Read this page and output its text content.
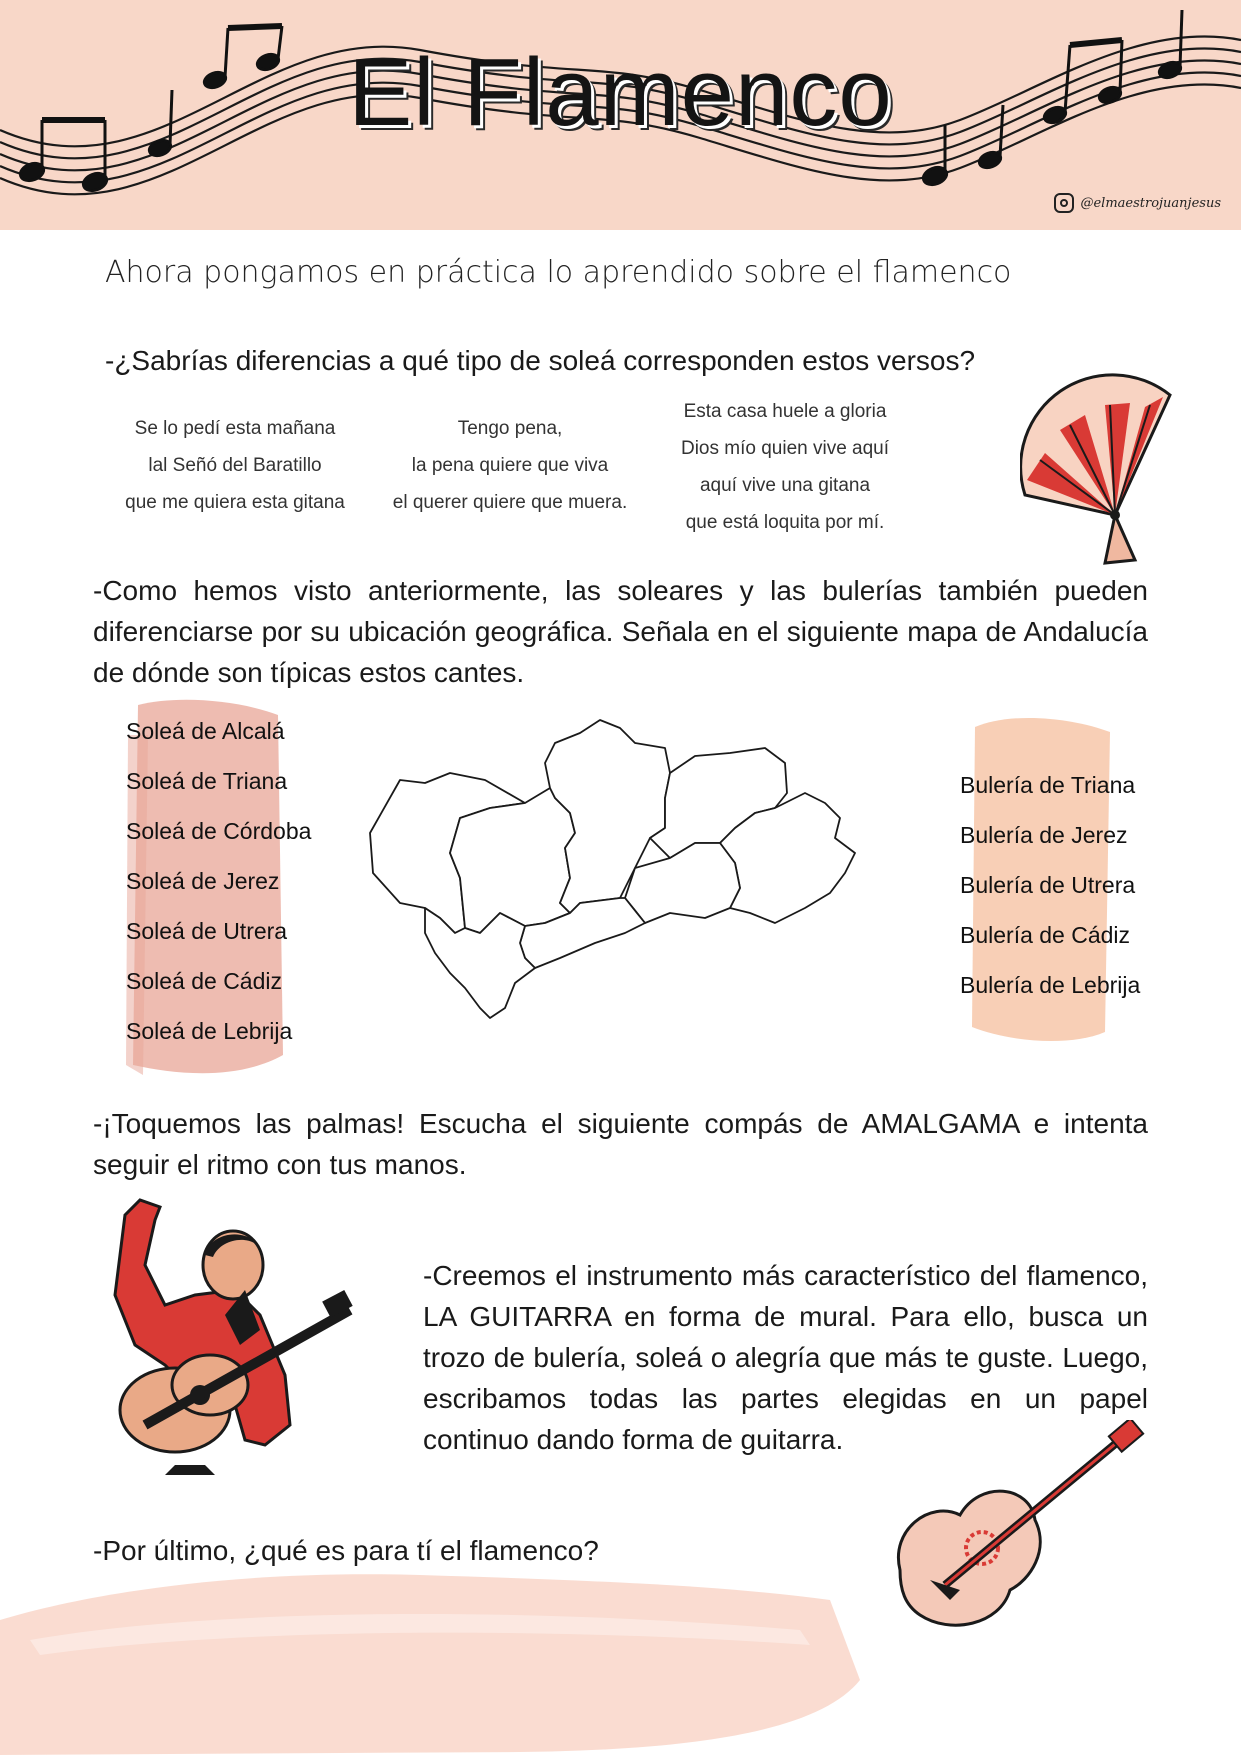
El Flamenco
@elmaestrojuanjesus
Ahora pongamos en práctica lo aprendido sobre el flamenco
-¿Sabrías diferencias a qué tipo de soleá corresponden estos versos?
Se lo pedí esta mañana
lal Señó del Baratillo
que me quiera esta gitana
Tengo pena,
la pena quiere que viva
el querer quiere que muera.
Esta casa huele a gloria
Dios mío quien vive aquí
aquí vive una gitana
que está loquita por mí.
-Como hemos visto anteriormente, las soleares y las bulerías también pueden diferenciarse por su ubicación geográfica. Señala en el siguiente mapa de Andalucía de dónde son típicas estos cantes.
Soleá de Alcalá
Soleá de Triana
Soleá de Córdoba
Soleá de Jerez
Soleá de Utrera
Soleá de Cádiz
Soleá de Lebrija
Bulería de Triana
Bulería de Jerez
Bulería de Utrera
Bulería de Cádiz
Bulería de Lebrija
-¡Toquemos las palmas! Escucha el siguiente compás de AMALGAMA e intenta seguir el ritmo con tus manos.
-Creemos el instrumento más característico del flamenco, LA GUITARRA en forma de mural. Para ello, busca un trozo de bulería, soleá o alegría que más te guste. Luego, escribamos todas las partes elegidas en un papel continuo dando forma de guitarra.
-Por último, ¿qué es para tí el flamenco?
